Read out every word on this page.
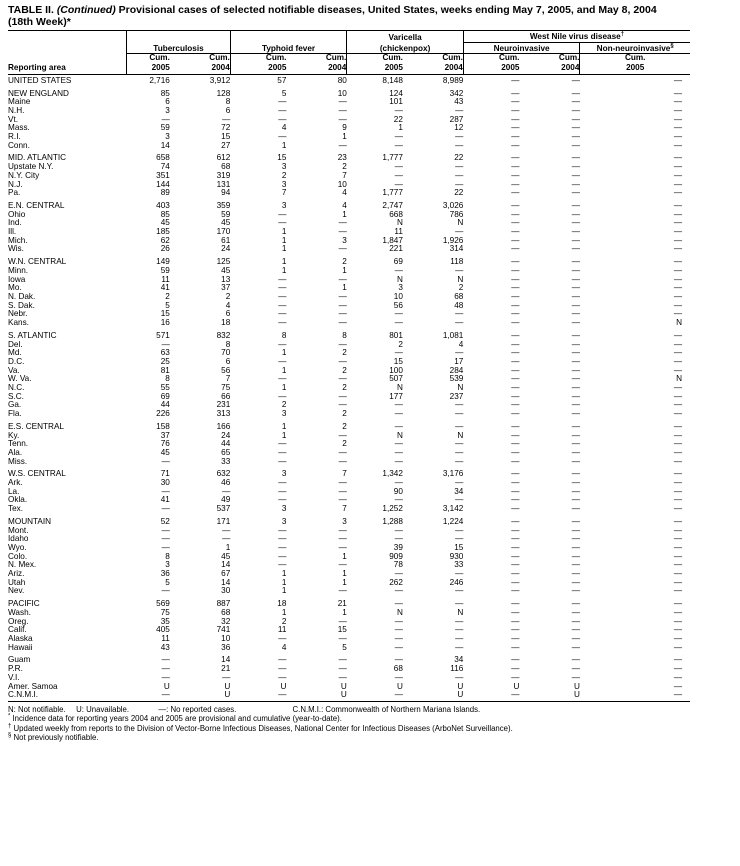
TABLE II. (Continued) Provisional cases of selected notifiable diseases, United States, weeks ending May 7, 2005, and May 8, 2004
(18th Week)*
					Varicella		West Nile virus disease†
	Tuberculosis		Typhoid fever		(chickenpox)		Neuroinvasive		Non-neuroinvasive§
	Cum.	Cum.	Cum.	Cum.	Cum.	Cum.	Cum.	Cum.	Cum.
Reporting area	2005	2004	2005	2004	2005	2004	2005	2004	2005
UNITED STATES	2,716	3,912	57	80	8,148	8,989	—	—	—
NEW ENGLAND	85	128	5	10	124	342	—	—	—
Maine	6	8	—	—	101	43	—	—	—
N.H.	3	6	—	—	—	—	—	—	—
Vt.	—	—	—	—	22	287	—	—	—
Mass.	59	72	4	9	1	12	—	—	—
R.I.	3	15	—	1	—	—	—	—	—
Conn.	14	27	1	—	—	—	—	—	—
MID. ATLANTIC	658	612	15	23	1,777	22	—	—	—
Upstate N.Y.	74	68	3	2	—	—	—	—	—
N.Y. City	351	319	2	7	—	—	—	—	—
N.J.	144	131	3	10	—	—	—	—	—
Pa.	89	94	7	4	1,777	22	—	—	—
E.N. CENTRAL	403	359	3	4	2,747	3,026	—	—	—
Ohio	85	59	—	1	668	786	—	—	—
Ind.	45	45	—	—	N	N	—	—	—
Ill.	185	170	1	—	11	—	—	—	—
Mich.	62	61	1	3	1,847	1,926	—	—	—
Wis.	26	24	1	—	221	314	—	—	—
W.N. CENTRAL	149	125	1	2	69	118	—	—	—
Minn.	59	45	1	1	—	—	—	—	—
Iowa	11	13	—	—	N	N	—	—	—
Mo.	41	37	—	1	3	2	—	—	—
N. Dak.	2	2	—	—	10	68	—	—	—
S. Dak.	5	4	—	—	56	48	—	—	—
Nebr.	15	6	—	—	—	—	—	—	—
Kans.	16	18	—	—	—	—	—	—	N
S. ATLANTIC	571	832	8	8	801	1,081	—	—	—
Del.	—	8	—	—	2	4	—	—	—
Md.	63	70	1	2	—	—	—	—	—
D.C.	25	6	—	—	15	17	—	—	—
Va.	81	56	1	2	100	284	—	—	—
W. Va.	8	7	—	—	507	539	—	—	N
N.C.	55	75	1	2	N	N	—	—	—
S.C.	69	66	—	—	177	237	—	—	—
Ga.	44	231	2	—	—	—	—	—	—
Fla.	226	313	3	2	—	—	—	—	—
E.S. CENTRAL	158	166	1	2	—	—	—	—	—
Ky.	37	24	1	—	N	N	—	—	—
Tenn.	76	44	—	2	—	—	—	—	—
Ala.	45	65	—	—	—	—	—	—	—
Miss.	—	33	—	—	—	—	—	—	—
W.S. CENTRAL	71	632	3	7	1,342	3,176	—	—	—
Ark.	30	46	—	—	—	—	—	—	—
La.	—	—	—	—	90	34	—	—	—
Okla.	41	49	—	—	—	—	—	—	—
Tex.	—	537	3	7	1,252	3,142	—	—	—
MOUNTAIN	52	171	3	3	1,288	1,224	—	—	—
Mont.	—	—	—	—	—	—	—	—	—
Idaho	—	—	—	—	—	—	—	—	—
Wyo.	—	1	—	—	39	15	—	—	—
Colo.	8	45	—	1	909	930	—	—	—
N. Mex.	3	14	—	—	78	33	—	—	—
Ariz.	36	67	1	1	—	—	—	—	—
Utah	5	14	1	1	262	246	—	—	—
Nev.	—	30	1	—	—	—	—	—	—
PACIFIC	569	887	18	21	—	—	—	—	—
Wash.	75	68	1	1	N	N	—	—	—
Oreg.	35	32	2	—	—	—	—	—	—
Calif.	405	741	11	15	—	—	—	—	—
Alaska	11	10	—	—	—	—	—	—	—
Hawaii	43	36	4	5	—	—	—	—	—
Guam	—	14	—	—	—	34	—	—	—
P.R.	—	21	—	—	68	116	—	—	—
V.I.	—	—	—	—	—	—	—	—	—
Amer. Samoa	U	U	U	U	U	U	U	U	—
C.N.M.I.	—	U	—	U	—	U	—	U	—
N: Not notifiable. U: Unavailable.	—: No reported cases.	C.N.M.I.: Commonwealth of Northern Mariana Islands.
* Incidence data for reporting years 2004 and 2005 are provisional and cumulative (year-to-date).
† Updated weekly from reports to the Division of Vector-Borne Infectious Diseases, National Center for Infectious Diseases (ArboNet Surveillance).
§ Not previously notifiable.
